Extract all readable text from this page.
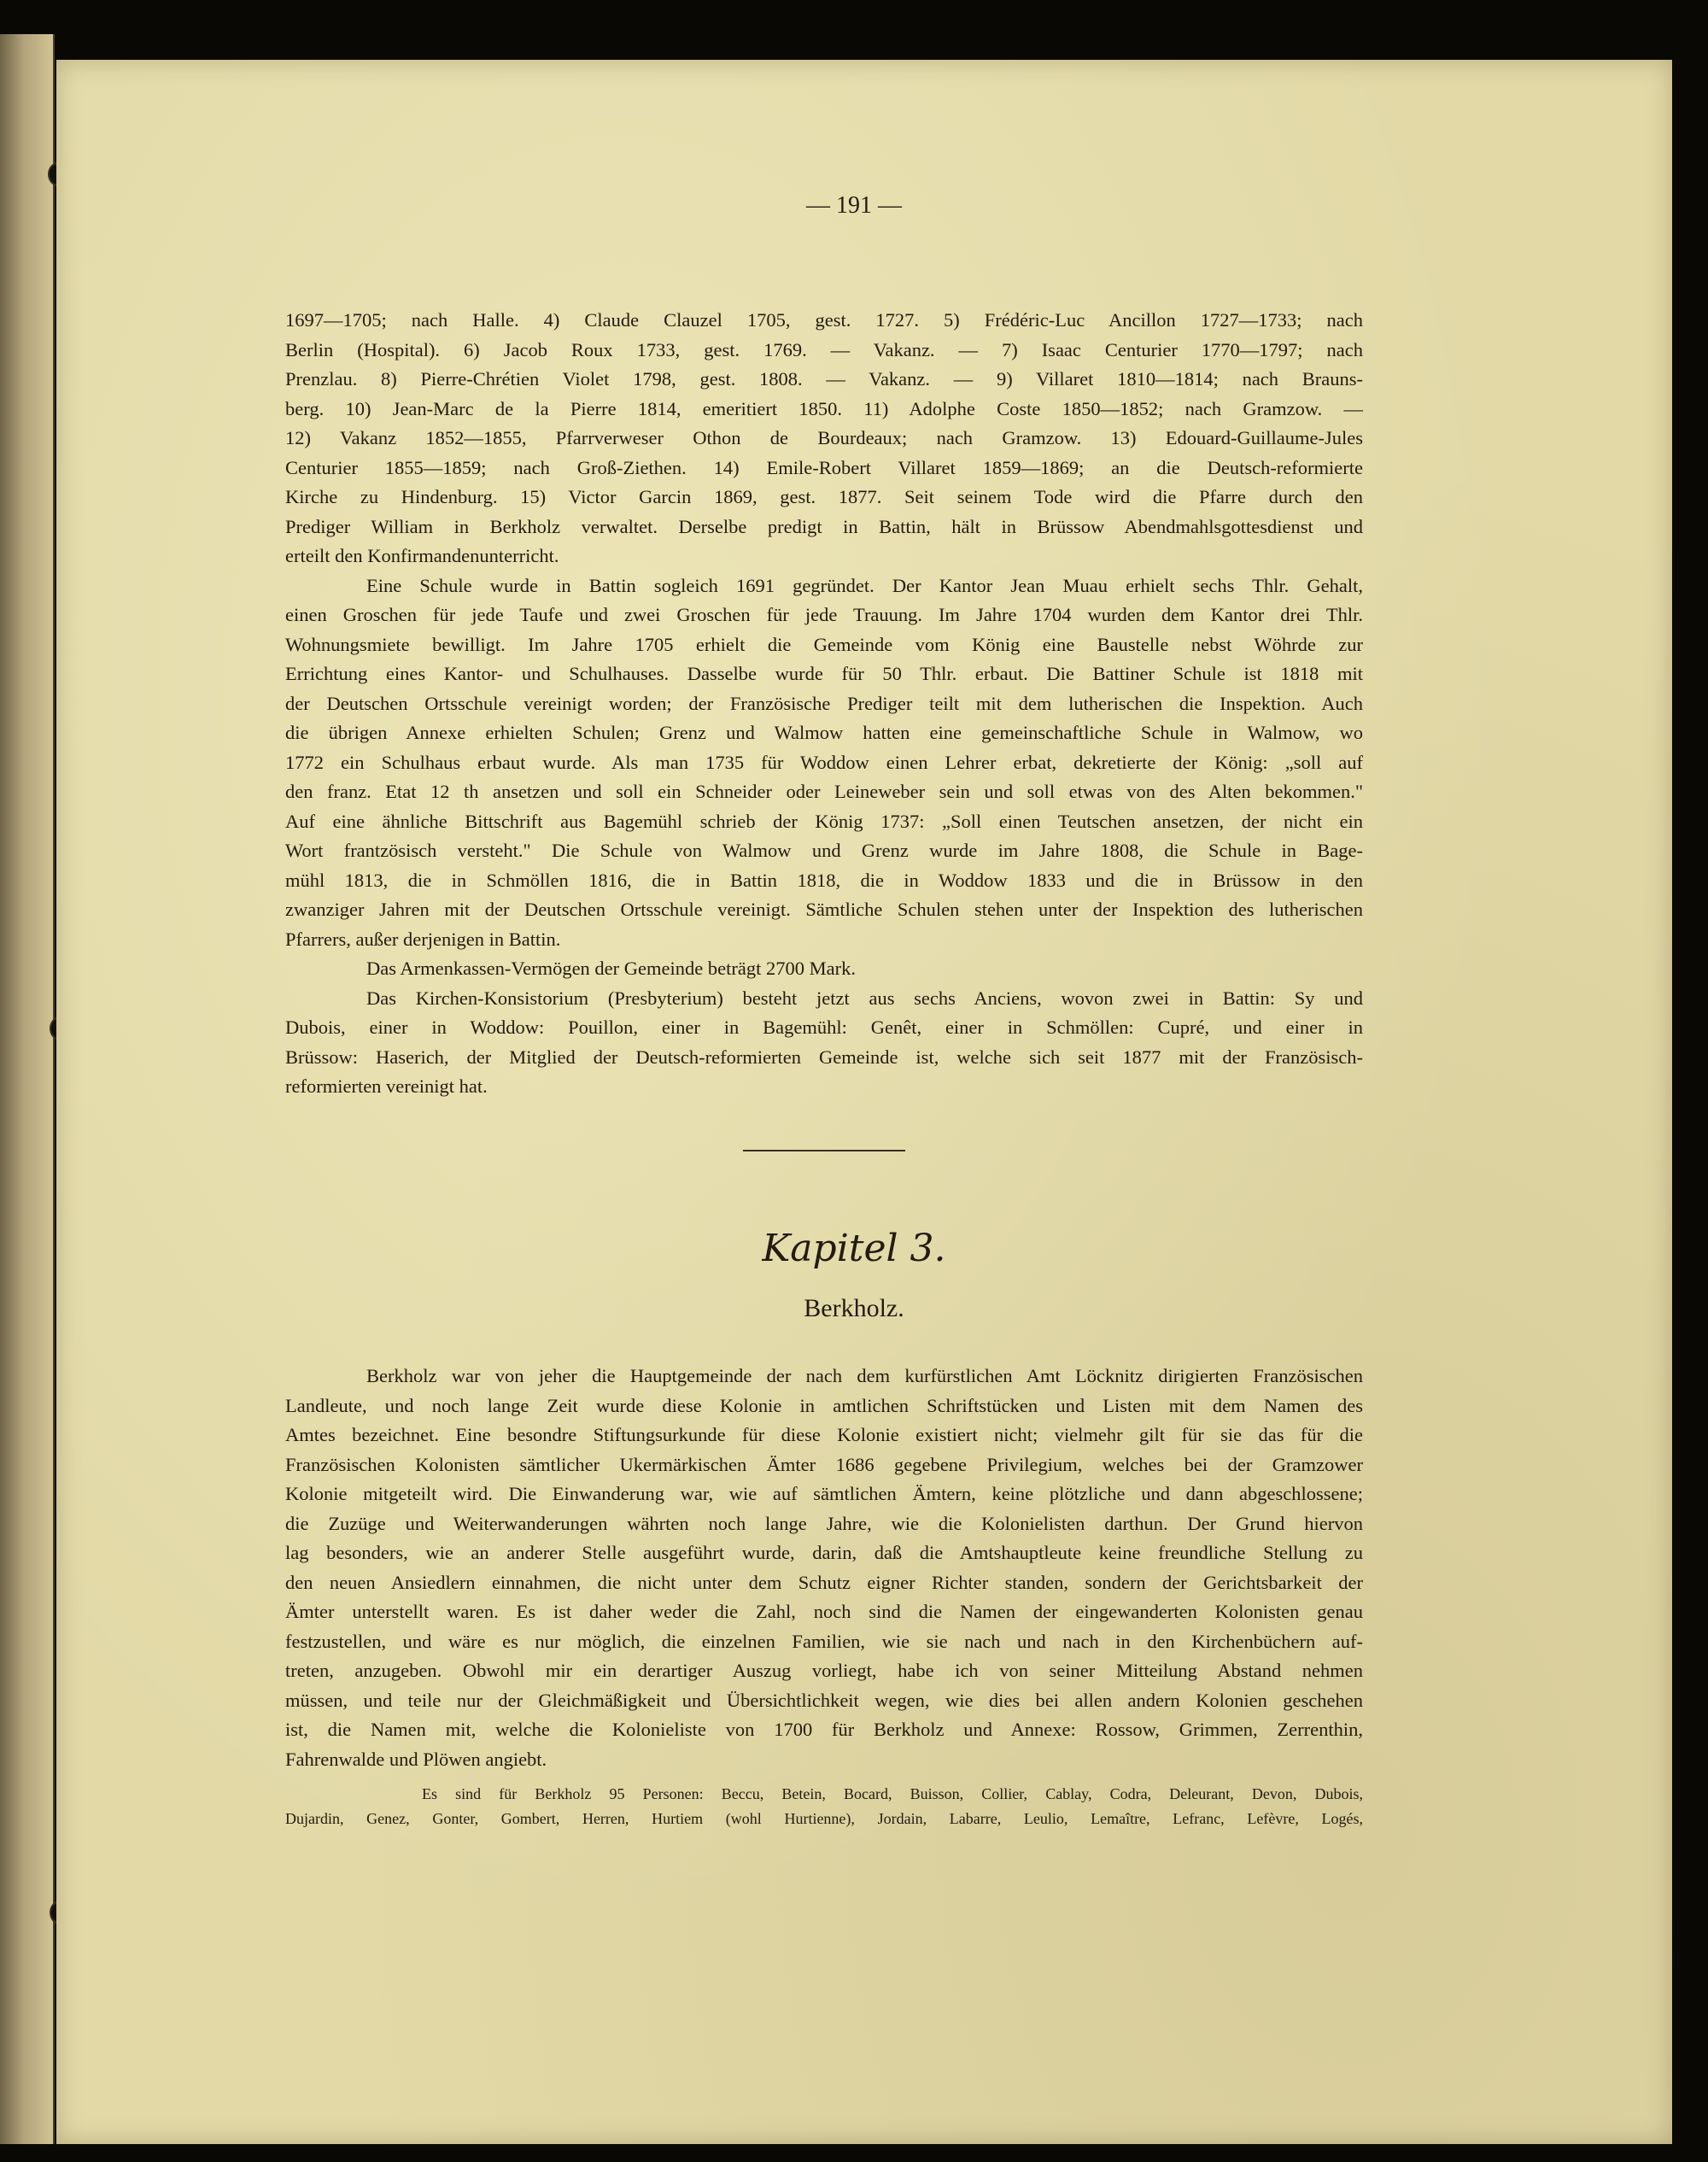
— 191 —
1697—1705; nach Halle. 4) Claude Clauzel 1705, gest. 1727. 5) Frédéric-Luc Ancillon 1727—1733; nach
Berlin (Hospital). 6) Jacob Roux 1733, gest. 1769. — Vakanz. — 7) Isaac Centurier 1770—1797; nach
Prenzlau. 8) Pierre-Chrétien Violet 1798, gest. 1808. — Vakanz. — 9) Villaret 1810—1814; nach Brauns-
berg. 10) Jean-Marc de la Pierre 1814, emeritiert 1850. 11) Adolphe Coste 1850—1852; nach Gramzow. —
12) Vakanz 1852—1855, Pfarrverweser Othon de Bourdeaux; nach Gramzow. 13) Edouard-Guillaume-Jules
Centurier 1855—1859; nach Groß-Ziethen. 14) Emile-Robert Villaret 1859—1869; an die Deutsch-reformierte
Kirche zu Hindenburg. 15) Victor Garcin 1869, gest. 1877. Seit seinem Tode wird die Pfarre durch den
Prediger William in Berkholz verwaltet. Derselbe predigt in Battin, hält in Brüssow Abendmahlsgottesdienst und
erteilt den Konfirmandenunterricht.
Eine Schule wurde in Battin sogleich 1691 gegründet. Der Kantor Jean Muau erhielt sechs Thlr. Gehalt,
einen Groschen für jede Taufe und zwei Groschen für jede Trauung. Im Jahre 1704 wurden dem Kantor drei Thlr.
Wohnungsmiete bewilligt. Im Jahre 1705 erhielt die Gemeinde vom König eine Baustelle nebst Wöhrde zur
Errichtung eines Kantor- und Schulhauses. Dasselbe wurde für 50 Thlr. erbaut. Die Battiner Schule ist 1818 mit
der Deutschen Ortsschule vereinigt worden; der Französische Prediger teilt mit dem lutherischen die Inspektion. Auch
die übrigen Annexe erhielten Schulen; Grenz und Walmow hatten eine gemeinschaftliche Schule in Walmow, wo
1772 ein Schulhaus erbaut wurde. Als man 1735 für Woddow einen Lehrer erbat, dekretierte der König: „soll auf
den franz. Etat 12 th ansetzen und soll ein Schneider oder Leineweber sein und soll etwas von des Alten bekommen."
Auf eine ähnliche Bittschrift aus Bagemühl schrieb der König 1737: „Soll einen Teutschen ansetzen, der nicht ein
Wort frantzösisch versteht." Die Schule von Walmow und Grenz wurde im Jahre 1808, die Schule in Bage-
mühl 1813, die in Schmöllen 1816, die in Battin 1818, die in Woddow 1833 und die in Brüssow in den
zwanziger Jahren mit der Deutschen Ortsschule vereinigt. Sämtliche Schulen stehen unter der Inspektion des lutherischen
Pfarrers, außer derjenigen in Battin.
Das Armenkassen-Vermögen der Gemeinde beträgt 2700 Mark.
Das Kirchen-Konsistorium (Presbyterium) besteht jetzt aus sechs Anciens, wovon zwei in Battin: Sy und
Dubois, einer in Woddow: Pouillon, einer in Bagemühl: Genêt, einer in Schmöllen: Cupré, und einer in
Brüssow: Haserich, der Mitglied der Deutsch-reformierten Gemeinde ist, welche sich seit 1877 mit der Französisch-
reformierten vereinigt hat.
Kapitel 3.
Berkholz.
Berkholz war von jeher die Hauptgemeinde der nach dem kurfürstlichen Amt Löcknitz dirigierten Französischen
Landleute, und noch lange Zeit wurde diese Kolonie in amtlichen Schriftstücken und Listen mit dem Namen des
Amtes bezeichnet. Eine besondre Stiftungsurkunde für diese Kolonie existiert nicht; vielmehr gilt für sie das für die
Französischen Kolonisten sämtlicher Ukermärkischen Ämter 1686 gegebene Privilegium, welches bei der Gramzower
Kolonie mitgeteilt wird. Die Einwanderung war, wie auf sämtlichen Ämtern, keine plötzliche und dann abgeschlossene;
die Zuzüge und Weiterwanderungen währten noch lange Jahre, wie die Kolonielisten darthun. Der Grund hiervon
lag besonders, wie an anderer Stelle ausgeführt wurde, darin, daß die Amtshauptleute keine freundliche Stellung zu
den neuen Ansiedlern einnahmen, die nicht unter dem Schutz eigner Richter standen, sondern der Gerichtsbarkeit der
Ämter unterstellt waren. Es ist daher weder die Zahl, noch sind die Namen der eingewanderten Kolonisten genau
festzustellen, und wäre es nur möglich, die einzelnen Familien, wie sie nach und nach in den Kirchenbüchern auf-
treten, anzugeben. Obwohl mir ein derartiger Auszug vorliegt, habe ich von seiner Mitteilung Abstand nehmen
müssen, und teile nur der Gleichmäßigkeit und Übersichtlichkeit wegen, wie dies bei allen andern Kolonien geschehen
ist, die Namen mit, welche die Kolonieliste von 1700 für Berkholz und Annexe: Rossow, Grimmen, Zerrenthin,
Fahrenwalde und Plöwen angiebt.
Es sind für Berkholz 95 Personen: Beccu, Betein, Bocard, Buisson, Collier, Cablay, Codra, Deleurant, Devon, Dubois,
Dujardin, Genez, Gonter, Gombert, Herren, Hurtiem (wohl Hurtienne), Jordain, Labarre, Leulio, Lemaître, Lefranc, Lefèvre, Logés,
